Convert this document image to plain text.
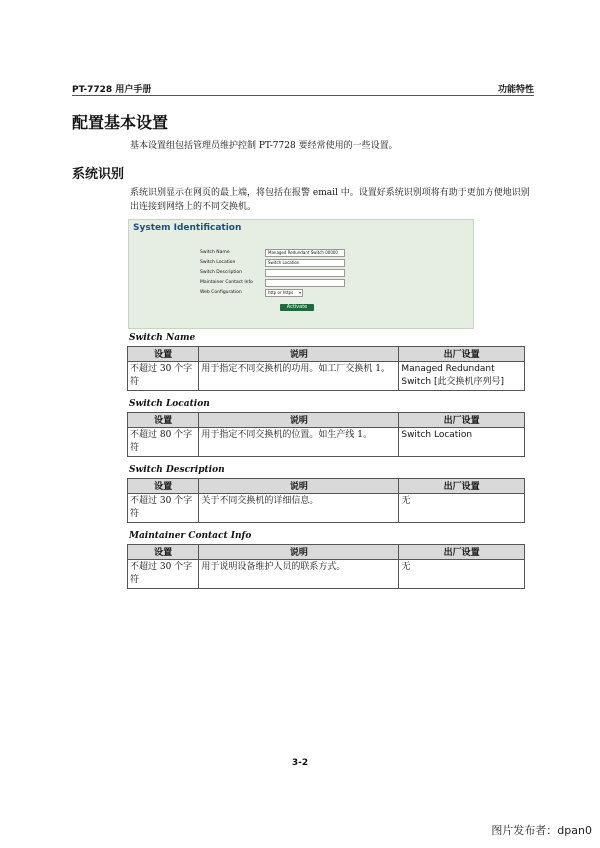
PT-7728 用户手册	功能特性
配置基本设置

基本设置组包括管理员维护控制 PT-7728 要经常使用的一些设置。

系统识别

系统识别显示在网页的最上端，将包括在报警 email 中。设置好系统识别项将有助于更加方便地识别出连接到网络上的不同交换机。

System Identification
Switch Name	Managed Redundant Switch 00000
Switch Location	Switch Location
Switch Description
Maintainer Contact Info
Web Configuration	http or https ▾
Activate
Switch Name
设置	说明	出厂设置
不超过 30 个字符	用于指定不同交换机的功用。如工厂交换机 1。	Managed Redundant Switch [此交换机序列号]
Switch Location
设置	说明	出厂设置
不超过 80 个字符	用于指定不同交换机的位置。如生产线 1。	Switch Location
Switch Description
设置	说明	出厂设置
不超过 30 个字符	关于不同交换机的详细信息。	无
Maintainer Contact Info
设置	说明	出厂设置
不超过 30 个字符	用于说明设备维护人员的联系方式。	无
3-2
图片发布者：dpan0
